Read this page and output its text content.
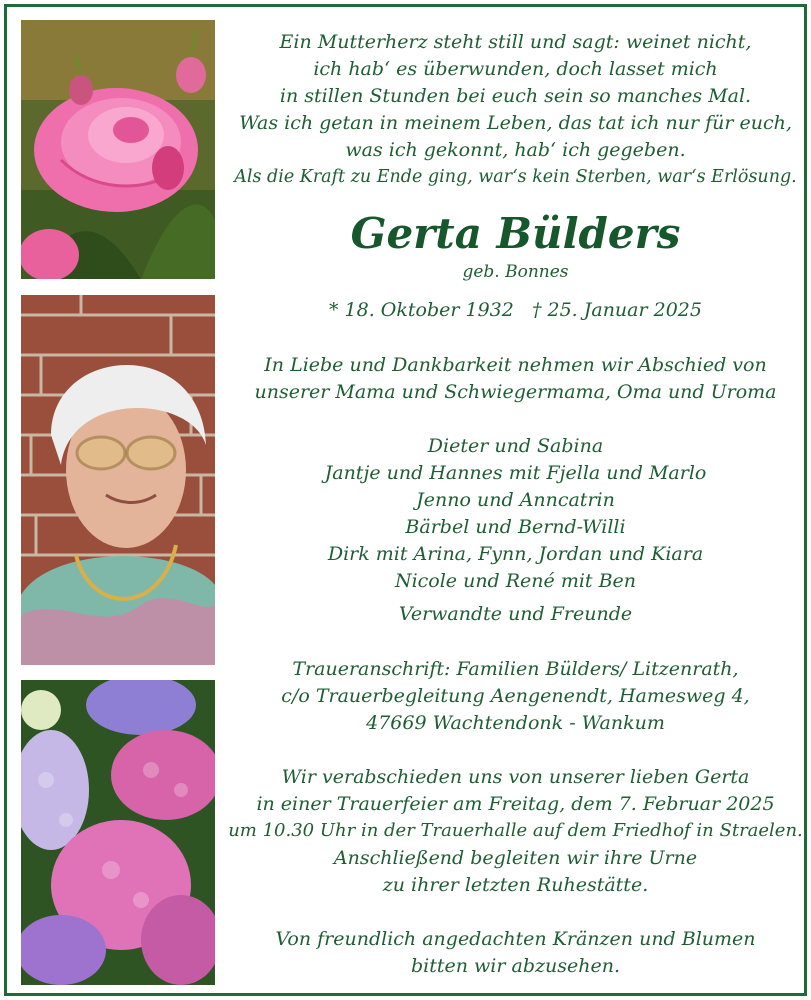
Ein Mutterherz steht still und sagt: weinet nicht,
ich hab‘ es überwunden, doch lasset mich
in stillen Stunden bei euch sein so manches Mal.
Was ich getan in meinem Leben, das tat ich nur für euch,
was ich gekonnt, hab‘ ich gegeben.
Als die Kraft zu Ende ging, war‘s kein Sterben, war‘s Erlösung.
Gerta Bülders
geb. Bonnes
* 18. Oktober 1932   † 25. Januar 2025
In Liebe und Dankbarkeit nehmen wir Abschied von
unserer Mama und Schwiegermama, Oma und Uroma
Dieter und Sabina
Jantje und Hannes mit Fjella und Marlo
Jenno und Anncatrin
Bärbel und Bernd-Willi
Dirk mit Arina, Fynn, Jordan und Kiara
Nicole und René mit Ben
Verwandte und Freunde
Traueranschrift: Familien Bülders/ Litzenrath,
c/o Trauerbegleitung Aengenendt, Hamesweg 4,
47669 Wachtendonk - Wankum
Wir verabschieden uns von unserer lieben Gerta
in einer Trauerfeier am Freitag, dem 7. Februar 2025
um 10.30 Uhr in der Trauerhalle auf dem Friedhof in Straelen.
Anschließend begleiten wir ihre Urne
zu ihrer letzten Ruhestätte.
Von freundlich angedachten Kränzen und Blumen
bitten wir abzusehen.
